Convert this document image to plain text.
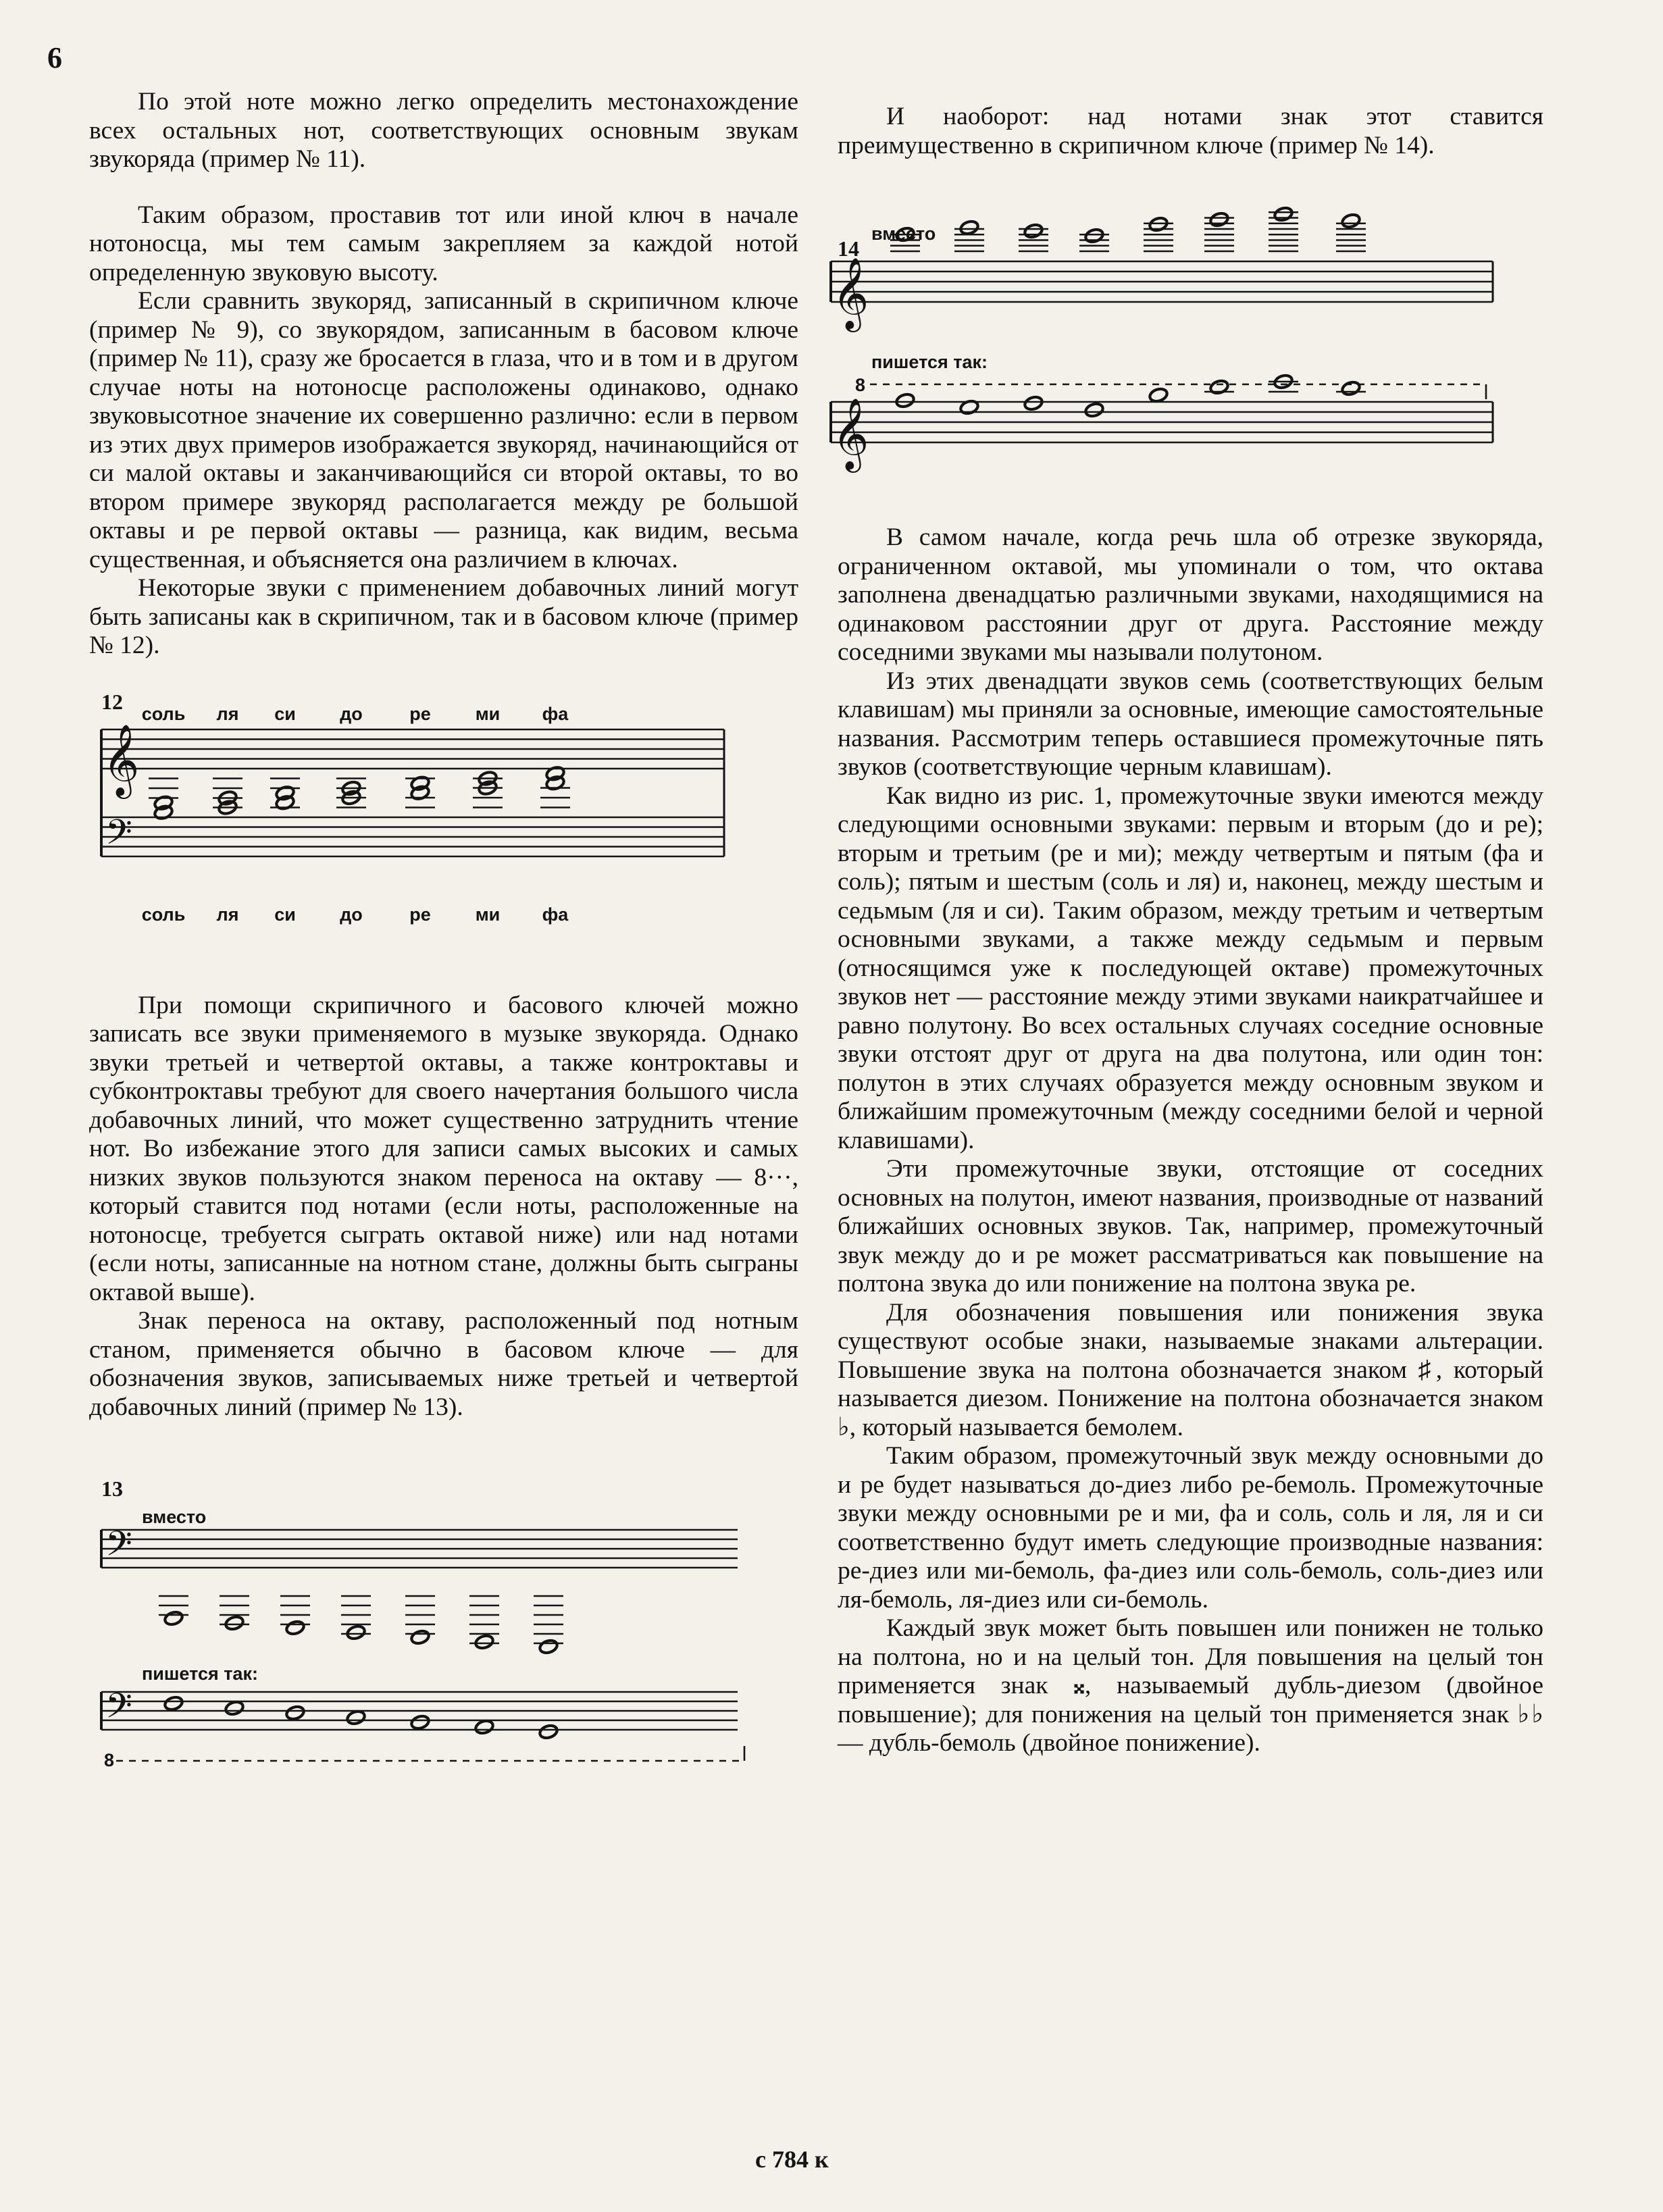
6

По этой ноте можно легко определить местонахождение всех остальных нот, соответствующих основным звукам звукоряда (пример № 11).

Таким образом, проставив тот или иной ключ в начале нотоносца, мы тем самым закрепляем за каждой нотой определенную звуковую высоту.

Если сравнить звукоряд, записанный в скрипичном ключе (пример № 9), со звукорядом, записанным в басовом ключе (пример № 11), сразу же бросается в глаза, что и в том и в другом случае ноты на нотоносце расположены одинаково, однако звуковысотное значение их совершенно различно: если в первом из этих двух примеров изображается звукоряд, начинающийся от си малой октавы и заканчивающийся си второй октавы, то во втором примере звукоряд располагается между ре большой октавы и ре первой октавы — разница, как видим, весьма существенная, и объясняется она различием в ключах.

Некоторые звуки с применением добавочных линий могут быть записаны как в скрипичном, так и в басовом ключе (пример № 12).

12 соль ля си до	ре ми фа
𝄞
𝄢
соль ля си до	ре ми фа

При помощи скрипичного и басового ключей можно записать все звуки применяемого в музыке звукоряда. Однако звуки третьей и четвертой октавы, а также контроктавы и субконтроктавы требуют для своего начертания большого числа добавочных линий, что может существенно затруднить чтение нот. Во избежание этого для записи самых высоких и самых низких звуков пользуются знаком переноса на октаву — 8···, который ставится под нотами (если ноты, расположенные на нотоносце, требуется сыграть октавой ниже) или над нотами (если ноты, записанные на нотном стане, должны быть сыграны октавой выше).

Знак переноса на октаву, расположенный под нотным станом, применяется обычно в басовом ключе — для обозначения звуков, записываемых ниже третьей и четвертой добавочных линий (пример № 13).

13
вместо
пишется так:
𝄢
𝄢
8

И наоборот: над нотами знак этот ставится преимущественно в скрипичном ключе (пример № 14).

14
вместо
пишется так:
8
𝄞
𝄞

В самом начале, когда речь шла об отрезке звукоряда, ограниченном октавой, мы упоминали о том, что октава заполнена двенадцатью различными звуками, находящимися на одинаковом расстоянии друг от друга. Расстояние между соседними звуками мы называли полутоном.

Из этих двенадцати звуков семь (соответствующих белым клавишам) мы приняли за основные, имеющие самостоятельные названия. Рассмотрим теперь оставшиеся промежуточные пять звуков (соответствующие черным клавишам).

Как видно из рис. 1, промежуточные звуки имеются между следующими основными звуками: первым и вторым (до и ре); вторым и третьим (ре и ми); между четвертым и пятым (фа и соль); пятым и шестым (соль и ля) и, наконец, между шестым и седьмым (ля и си). Таким образом, между третьим и четвертым основными звуками, а также между седьмым и первым (относящимся уже к последующей октаве) промежуточных звуков нет — расстояние между этими звуками наикратчайшее и равно полутону. Во всех остальных случаях соседние основные звуки отстоят друг от друга на два полутона, или один тон: полутон в этих случаях образуется между основным звуком и ближайшим промежуточным (между соседними белой и черной клавишами).

Эти промежуточные звуки, отстоящие от соседних основных на полутон, имеют названия, производные от названий ближайших основных звуков. Так, например, промежуточный звук между до и ре может рассматриваться как повышение на полтона звука до или понижение на полтона звука ре.

Для обозначения повышения или понижения звука существуют особые знаки, называемые знаками альтерации. Повышение звука на полтона обозначается знаком ♯, который называется диезом. Понижение на полтона обозначается знаком ♭, который называется бемолем.

Таким образом, промежуточный звук между основными до и ре будет называться до-диез либо ре-бемоль. Промежуточные звуки между основными ре и ми, фа и соль, соль и ля, ля и си соответственно будут иметь следующие производные названия: ре-диез или ми-бемоль, фа-диез или соль-бемоль, соль-диез или ля-бемоль, ля-диез или си-бемоль.

Каждый звук может быть повышен или понижен не только на полтона, но и на целый тон. Для повышения на целый тон применяется знак 𝄪, называемый дубль-диезом (двойное повышение); для понижения на целый тон применяется знак ♭♭ — дубль-бемоль (двойное понижение).

с 784 к
